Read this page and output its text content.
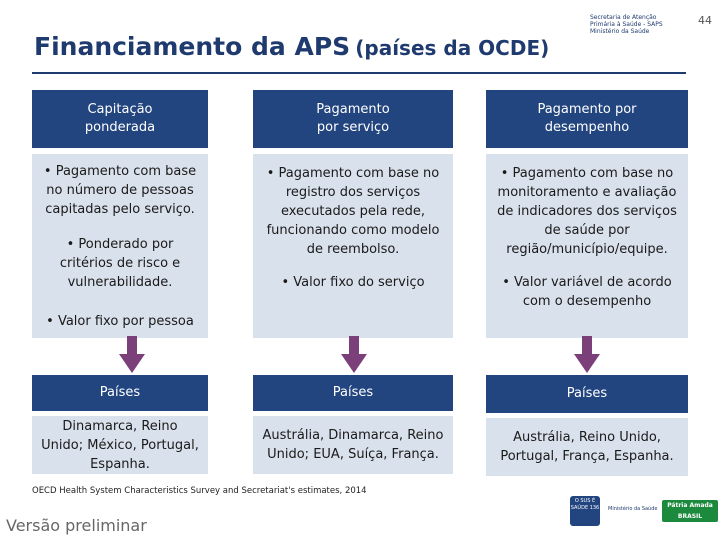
44
Secretaria de Atenção
Primária à Saúde - SAPS
Ministério da Saúde
Financiamento da APS (países da OCDE)
Capitação
ponderada

• Pagamento com base no número de pessoas capitadas pelo serviço.

• Ponderado por critérios de risco e vulnerabilidade.

• Valor fixo por pessoa

Pagamento
por serviço

• Pagamento com base no registro dos serviços executados pela rede, funcionando como modelo de reembolso.

• Valor fixo do serviço

Pagamento por
desempenho

• Pagamento com base no monitoramento e avaliação de indicadores dos serviços de saúde por região/município/equipe.

• Valor variável de acordo com o desempenho

Países	Países	Países
Dinamarca, Reino Unido; México, Portugal, Espanha.
Austrália, Dinamarca, Reino Unido; EUA, Suíça, França.
Austrália, Reino Unido, Portugal, França, Espanha.
OECD Health System Characteristics Survey and Secretariat's estimates, 2014
Versão preliminar
O SUS É SAÚDE 136 Ministério da Saúde	Pátria Amada BRASIL
